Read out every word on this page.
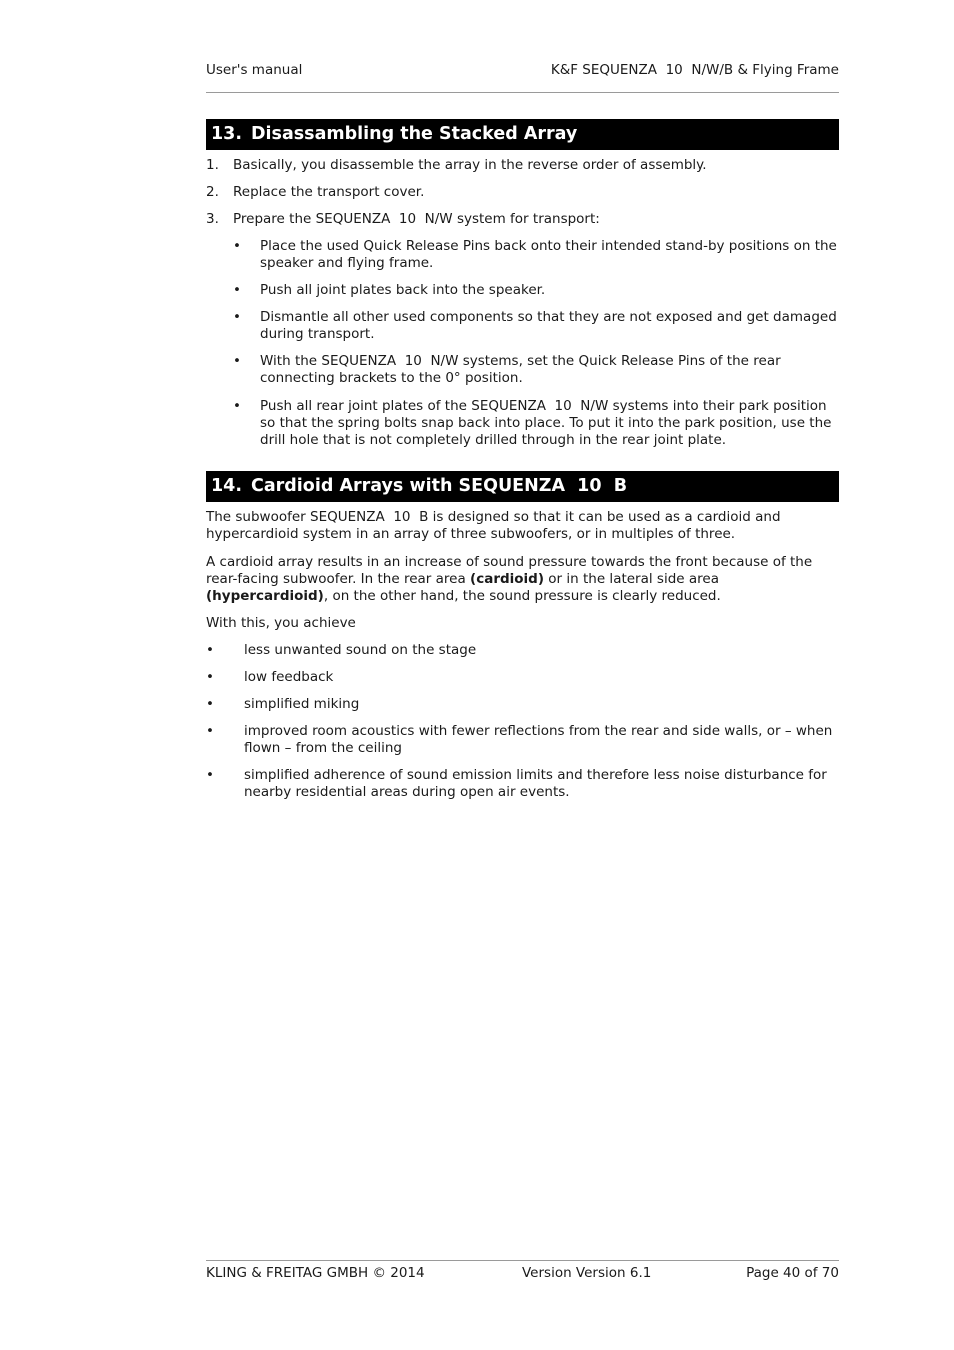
User's manual	K&F SEQUENZA  10  N/W/B & Flying Frame
13. Disassambling the Stacked Array
1. Basically, you disassemble the array in the reverse order of assembly.
2. Replace the transport cover.
3. Prepare the SEQUENZA  10  N/W system for transport:
• Place the used Quick Release Pins back onto their intended stand-by positions on the speaker and flying frame.
• Push all joint plates back into the speaker.
• Dismantle all other used components so that they are not exposed and get damaged during transport.
• With the SEQUENZA  10  N/W systems, set the Quick Release Pins of the rear connecting brackets to the 0° position.
• Push all rear joint plates of the SEQUENZA  10  N/W systems into their park position so that the spring bolts snap back into place. To put it into the park position, use the drill hole that is not completely drilled through in the rear joint plate.
14. Cardioid Arrays with SEQUENZA  10  B
The subwoofer SEQUENZA  10  B is designed so that it can be used as a cardioid and hypercardioid system in an array of three subwoofers, or in multiples of three.
A cardioid array results in an increase of sound pressure towards the front because of the rear-facing subwoofer. In the rear area (cardioid) or in the lateral side area (hypercardioid), on the other hand, the sound pressure is clearly reduced.
With this, you achieve
• less unwanted sound on the stage
• low feedback
• simplified miking
• improved room acoustics with fewer reflections from the rear and side walls, or – when flown – from the ceiling
• simplified adherence of sound emission limits and therefore less noise disturbance for nearby residential areas during open air events.
KLING & FREITAG GMBH © 2014	Version Version 6.1	Page 40 of 70
